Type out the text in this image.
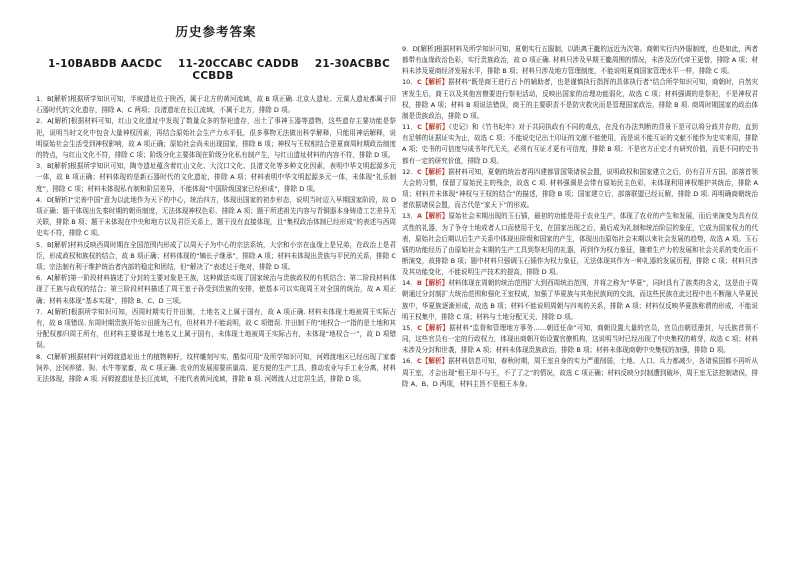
历史参考答案
1-10BABDB AACDC 11-20CCABC CADDB 21-30ACBBC CCBDB

1．B[解析]根据所学知识可知，半坡遗址位于陕西，属于北方的黄河流域，故 B 项正确. 北京人遗址、元谋人遗址都属于旧石器时代的文化遗存，排除 A、C 两项；良渚遗址在长江流域，不属于北方，排除 D 项。

2．A[解析]根据材料可知，红山文化遗址中发现了数量众多的祭祀遗存，出土了事神玉器等遗物，这些遗存主要功能是祭祀，说明当时文化中包含大量神权因素，再结合原始社会生产力水平低，很多事物无法做出科学解释，只能用神话解释，说明原始社会生活受到神权影响，故 A 项正确；原始社会尚未出现国家，排除 B 项；神权与王权相结合是夏商周时期政治制度的特点，与红山文化不符，排除 C 项；阶级分化主要体现在阶级分化私有制产生，与红山遗址材料的内容不符，排除 D 项。

3．B[解析]根据所学知识可知，陶寺遗址蕴含着红山文化、大汶口文化、良渚文化等多种文化因素，表明中华文明起源多元一体，故 B 项正确；材料体现的是新石器时代的文化遗址，排除 A 项；材料表明中华文明起源多元一体，未体现“礼乐制度”，排除 C 项；材料未体现私有制和阶层差异，不能体现“中国阶级国家已经形成”，排除 D 项。

4．D[解析]“完善中国”意为以此地作为天下的中心，统治四方，体现出国家的初步形态，说明当时迈入早期国家阶段，故 D 项正确；题干体现出先秦时期的朝贡制度，无法体现神权色彩，排除 A 项；题干所述祖先内容与青铜器本身铸造工艺差异无关联，排除 B 项；题干未体现在中央和地方以及君臣关系上，题干没有直接体现，且“集权政治体制已经形成”的表述与西周史实不符，排除 C 项。

5．B[解析]材料反映西周时期在全国范围内形成了以周天子为中心的宗法系统，大宗和小宗在血缘上是兄弟，在政治上是君臣，形成政权和族权的结合，故 B 项正确；材料体现的“嫡长子继承”，排除 A 项；材料未体现出贵族与平民的关系，排除 C 项；宗法制有利于维护统治者内部的稳定和团结，但“解决了”表述过于绝对，排除 D 项。

6．A[解析]第一阶段材料描述了分封的主要对象是王族，这种做法实现了国家统治与贵族政权的有机结合；第二阶段材料体现了王族与政权的结合；第三阶段材料描述了周王室子孙受到贵族的安排，使基本可以实现周王对全国的统治，故 A 项正确；材料未体现“基本实现”，排除 B、C、D 三项。

7．A[解析]根据所学知识可知，西周时期实行井田制，土地名义上属于国有，故 A 项正确. 材料未体现土地被周王实际占有，故 B 项错误. 东周时期贵族开始公田援为己有，但材料并不能说明，故 C 项错误. 井田制下的“地权合一”指的是土地和其分配权都归周王所有，但材料主要体现土地名义上属于国有，未体现土地被周王实际占有，未体现“地权合一”，故 D 项错误。

8．C[解析]根据材料“河姆渡遗址出土的植物种籽，纹样雕刻写实，酷似可用”及所学知识可知，河姆渡地区已经出现了家畜饲养，还饲养猪、狗、水牛等家畜，故 C 项正确. 农业的发展需要质量高、更方便的生产工具，推动农业与手工业分离，材料无法体现，排除 A 项. 河姆渡遗址是长江流域，不能代表黄河流域，排除 B 项. 河姆渡人过定居生活，排除 D 项。

9．D[解析]根据材料及所学知识可知，夏朝实行五服制，以距离王畿的远近为次第。商朝实行内外服制度，也是如此，两者都带有血缘政治色彩，实行贵族政治，故 D 项正确. 材料只涉及早期王畿周围的情况，未涉及历代帝王更替，排除 A 项；材料未涉及夏商经济发展水平，排除 B 项；材料只涉及地方管理制度，不能说明夏商国家管理水平一样，排除 C 项。

10．C【解析】据材料“既是商王进行占卜的辅助者，也是谨慎执行指挥的具体执行者”结合所学知识可知，商朝时，自然灾害发生后，商王以及其他宫僚要进行祭祀活动，反映出国家的治理功能弱化，故选 C 项；材料强调的是祭祀，不是神权君权，排除 A 项；材料 B 项说法错误，商王的主要职责不是防灾救灾而是管理国家政治，排除 B 项. 商周时期国家的政治体制是贵族政治，排除 D 项。

11．C【解析】《史记》和《竹书纪年》对于共同执政有不同的观点，在没有办法判断的背景下是可以将分歧并存的，直到有足够的证据证实为止，故选 C 项；不能说史记出土印证的文献不能使用，而是说不能互证的文献不能作为史实来用，排除 A 项；史书的可信度与成书年代无关，必须有互证才更有可信度，排除 B 项；不是官方正史才有研究价值，而是不同的史书都有一定的研究价值，排除 D 项。

12．C【解析】据材料可知，夏朝的统治者再四建都冒国策诸侯会盟，说明政权和国家建立之后，仍有召开方国、部落首领大会的习惯，保留了原始民主的残余，故选 C 项. 材料强调是会带有原始民主色彩，未体现利用神权维护其统治，排除 A 项；材料并未体现“神权与王权的结合”的描述，排除 B 项；国家建立后，部落联盟已经瓦解，排除 D 项. 再明确商朝统治者依据诸侯会盟，而古代是“家天下”的形成。

13．A【解析】原始社会末期出现的玉石锸，最初的功能是用于农业生产，体现了农业的产生和发展，而后来演变为具有仪式性的礼器，为了争夺土地或者人口而使用干戈，在国家出现之后，最后成为礼制和统治阶层的象征，它成为国家权力的代表，原始社会后期以后生产关系中体现出阶级和国家的产生，体现出由原始社会末期以来社会发展的趋势，故选 A 项。玉石锸的功能经历了由原始社会末期的生产工具到祭祀用的礼器，再到作为权力象征，随着生产力的发展和社会关系的变化而不断演变，故排除 B 项；题中材料只强调玉石锸作为权力象征，无法体现其作为一种礼器的发展历程，排除 C 项；材料只涉及其功能变化，不能说明生产技术的提高，排除 D 项。

14．B【解析】材料体现在周朝的统治范围扩大到西周统治范围，并将之称为“华夏”，同时具有了族类的含义，这是由于周朝通过分封制扩大统治范围和强化王室权威，加强了华夏族与其他民族间的交流，而这些民族在此过程中也不断融入华夏民族中，华夏族逐渐形成，故选 B 项；材料不能说明周朝与四夷的关系，排除 A 项；材料仅反映华夏族称谓的形成，不能说明王权集中，排除 C 项；材料与土地分配无关，排除 D 项。

15．C【解析】据材料“监督和管理地方事务……朝廷任命”可知，商朝设置大量的官员，官员由朝廷册封，与氏族首领不同，这些官员有一定的行政权力，体现出商朝开始设置官僚机构，这说明当时已经出现了中央集权的萌芽，故选 C 项；材料未涉及分封和世袭，排除 A 项；材料未体现贵族政治，排除 B 项；材料未体现商朝中央集权的加强，排除 D 项。

16．C【解析】据材料信息可知，春秋时期，周王室自身的实力严重削弱，土地、人口、兵力都减少，各诸侯国都不再听从周王室，才会出现“租王却不与王，不了了之”的情况，故选 C 项正确；材料反映分封制遭到破坏，周王室无法控制诸侯，排除 A、B、D 两项，材料主旨不是租王本身。
